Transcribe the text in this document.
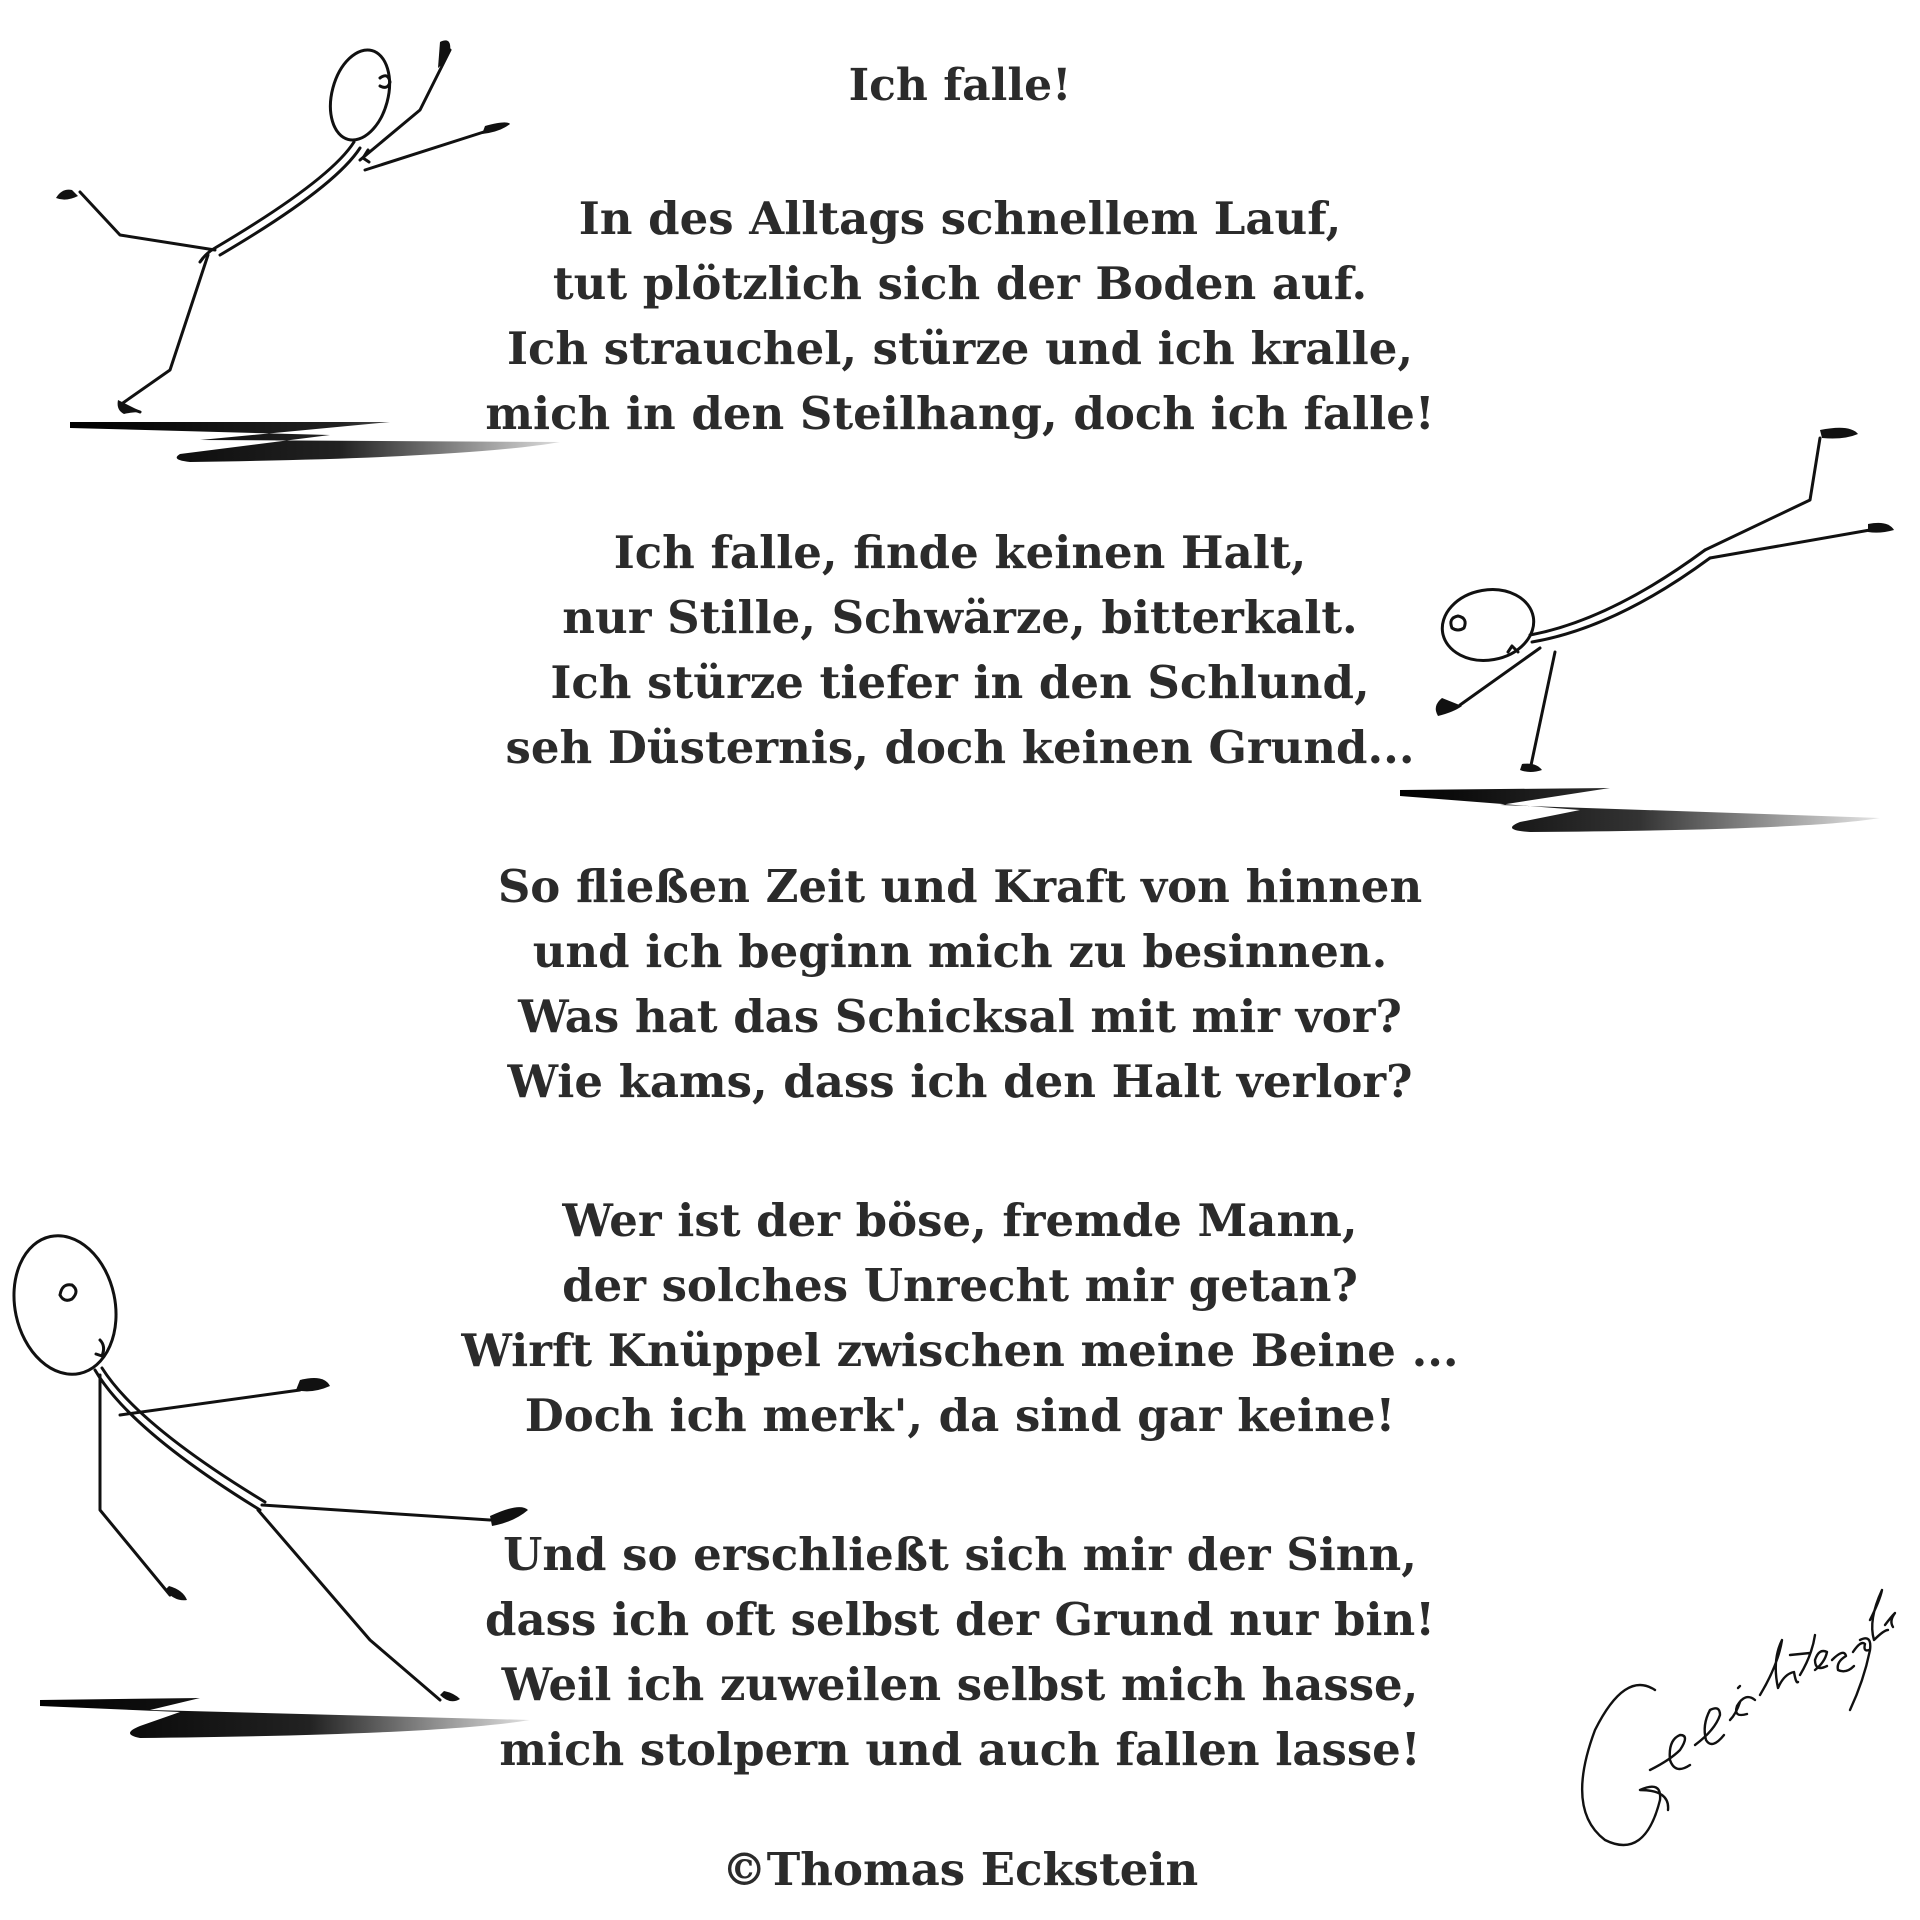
Ich falle!
In des Alltags schnellem Lauf,
tut plötzlich sich der Boden auf.
Ich strauchel, stürze und ich kralle,
mich in den Steilhang, doch ich falle!
Ich falle, finde keinen Halt,
nur Stille, Schwärze, bitterkalt.
Ich stürze tiefer in den Schlund,
seh Düsternis, doch keinen Grund...
So fließen Zeit und Kraft von hinnen
und ich beginn mich zu besinnen.
Was hat das Schicksal mit mir vor?
Wie kams, dass ich den Halt verlor?
Wer ist der böse, fremde Mann,
der solches Unrecht mir getan?
Wirft Knüppel zwischen meine Beine ...
Doch ich merk', da sind gar keine!
Und so erschließt sich mir der Sinn,
dass ich oft selbst der Grund nur bin!
Weil ich zuweilen selbst mich hasse,
mich stolpern und auch fallen lasse!
©Thomas Eckstein
